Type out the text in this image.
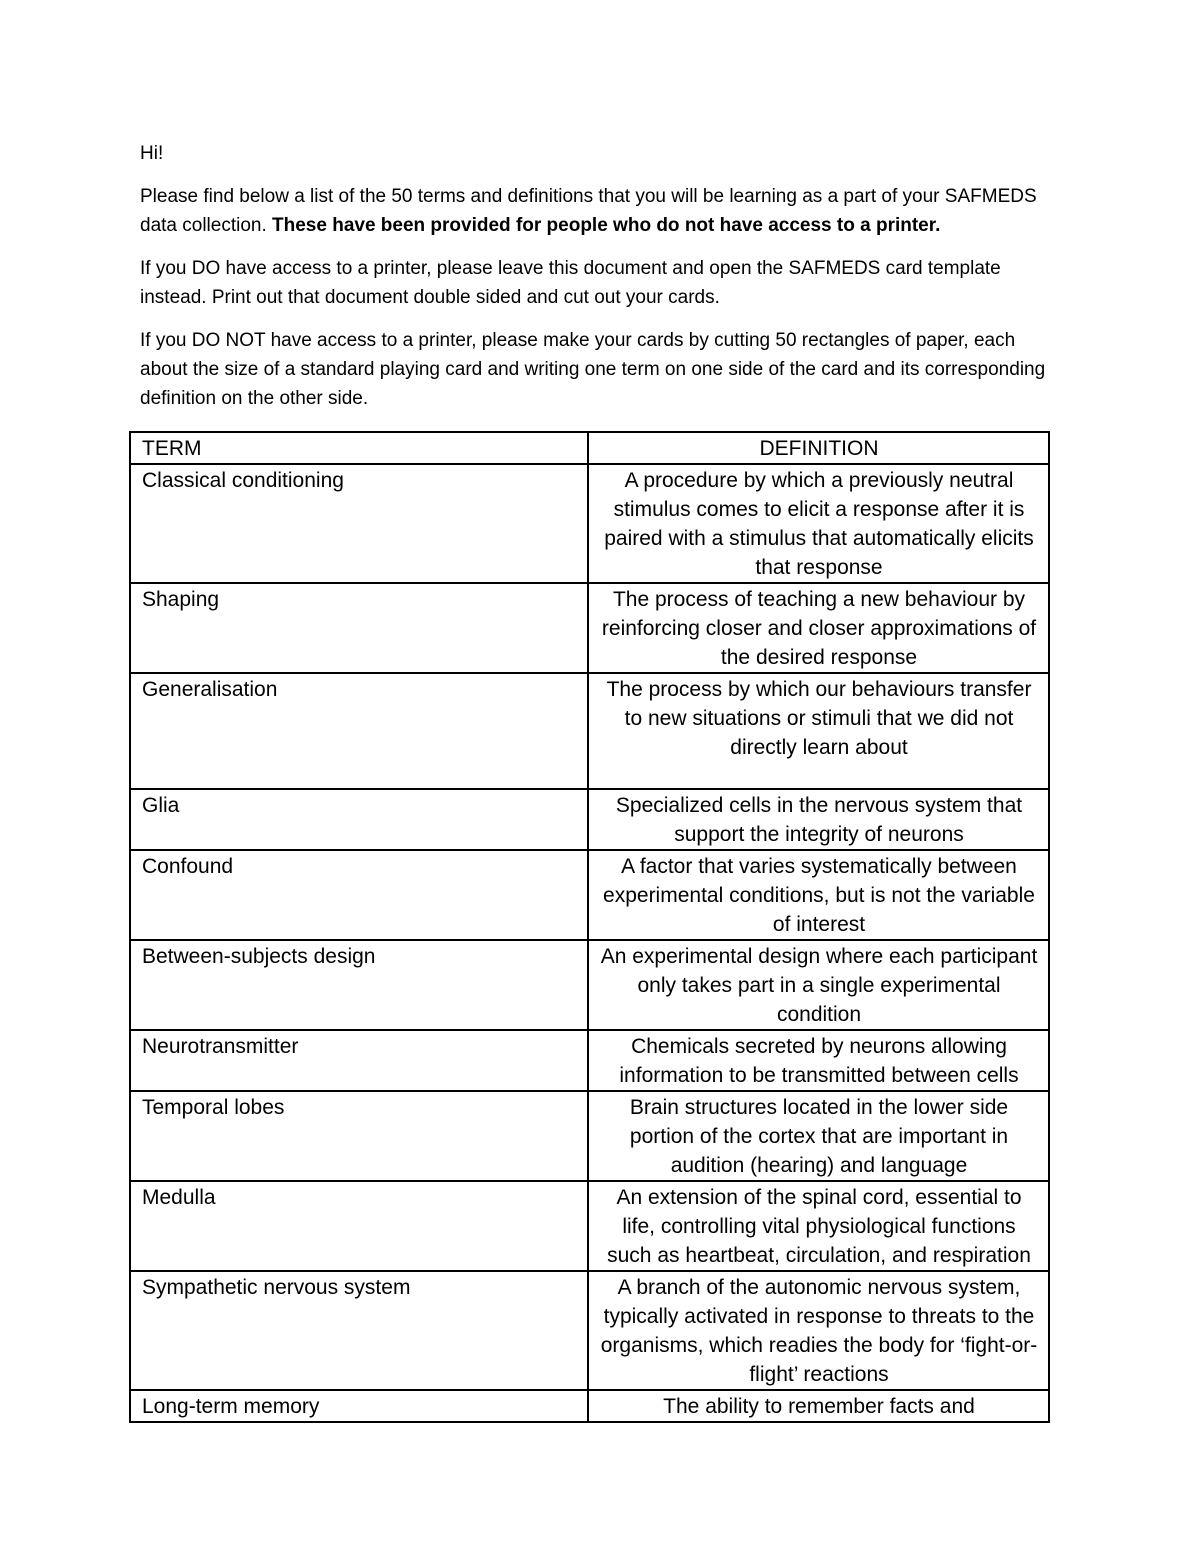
Hi!

Please find below a list of the 50 terms and definitions that you will be learning as a part of your SAFMEDS data collection. These have been provided for people who do not have access to a printer.

If you DO have access to a printer, please leave this document and open the SAFMEDS card template instead. Print out that document double sided and cut out your cards.

If you DO NOT have access to a printer, please make your cards by cutting 50 rectangles of paper, each about the size of a standard playing card and writing one term on one side of the card and its corresponding definition on the other side.

TERM	DEFINITION
Classical conditioning	A procedure by which a previously neutral stimulus comes to elicit a response after it is paired with a stimulus that automatically elicits that response
Shaping	The process of teaching a new behaviour by reinforcing closer and closer approximations of the desired response
Generalisation	The process by which our behaviours transfer to new situations or stimuli that we did not directly learn about
Glia	Specialized cells in the nervous system that support the integrity of neurons
Confound	A factor that varies systematically between experimental conditions, but is not the variable of interest
Between-subjects design	An experimental design where each participant only takes part in a single experimental condition
Neurotransmitter	Chemicals secreted by neurons allowing information to be transmitted between cells
Temporal lobes	Brain structures located in the lower side portion of the cortex that are important in audition (hearing) and language
Medulla	An extension of the spinal cord, essential to life, controlling vital physiological functions such as heartbeat, circulation, and respiration
Sympathetic nervous system	A branch of the autonomic nervous system, typically activated in response to threats to the organisms, which readies the body for ‘fight-or-flight’ reactions
Long-term memory	The ability to remember facts and
